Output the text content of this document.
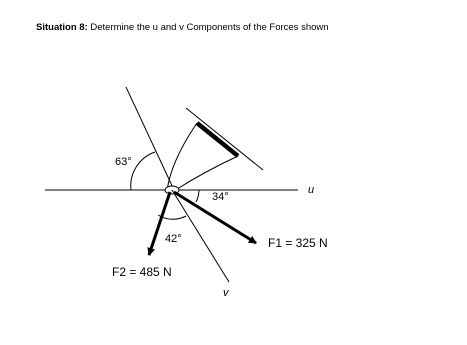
Situation 8: Determine the u and v Components of the Forces shown
u
63°
34°
v
42°	F1 = 325 N
F2 = 485 N
